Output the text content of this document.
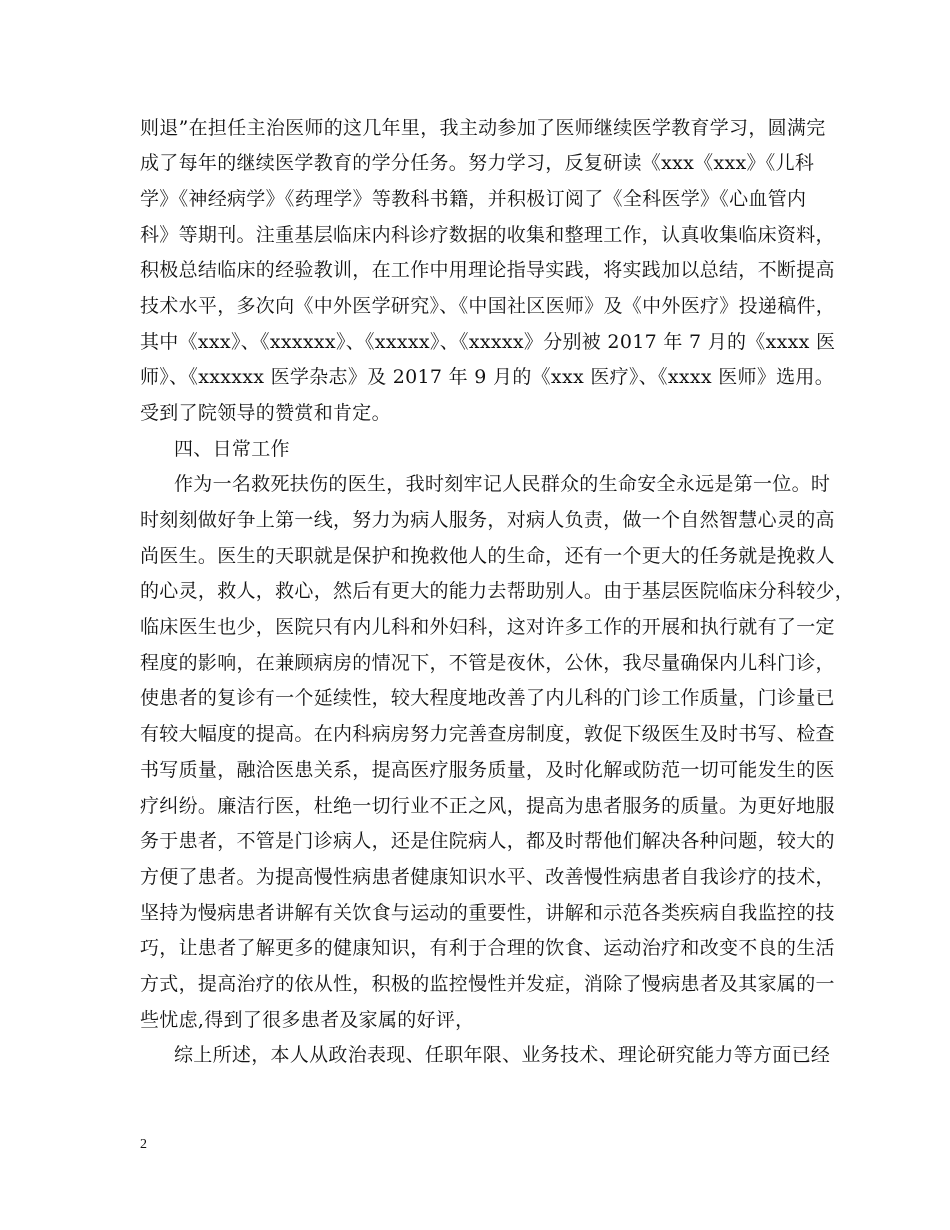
则退”在担任主治医师的这几年里，我主动参加了医师继续医学教育学习，圆满完
成了每年的继续医学教育的学分任务。努力学习，反复研读《xxx《xxx》《儿科
学》《神经病学》《药理学》等教科书籍，并积极订阅了《全科医学》《心血管内
科》等期刊。注重基层临床内科诊疗数据的收集和整理工作，认真收集临床资料，
积极总结临床的经验教训，在工作中用理论指导实践，将实践加以总结，不断提高
技术水平，多次向《中外医学研究》、《中国社区医师》及《中外医疗》投递稿件，
其中《xxx》、《xxxxxx》、《xxxxx》、《xxxxx》分别被 2017 年 7 月的《xxxx 医
师》、《xxxxxx 医学杂志》及 2017 年 9 月的《xxx 医疗》、《xxxx 医师》选用。
受到了院领导的赞赏和肯定。
四、日常工作
作为一名救死扶伤的医生，我时刻牢记人民群众的生命安全永远是第一位。时
时刻刻做好争上第一线，努力为病人服务，对病人负责，做一个自然智慧心灵的高
尚医生。医生的天职就是保护和挽救他人的生命，还有一个更大的任务就是挽救人
的心灵，救人，救心，然后有更大的能力去帮助别人。由于基层医院临床分科较少，
临床医生也少，医院只有内儿科和外妇科，这对许多工作的开展和执行就有了一定
程度的影响，在兼顾病房的情况下，不管是夜休，公休，我尽量确保内儿科门诊，
使患者的复诊有一个延续性，较大程度地改善了内儿科的门诊工作质量，门诊量已
有较大幅度的提高。在内科病房努力完善查房制度，敦促下级医生及时书写、检查
书写质量，融洽医患关系，提高医疗服务质量，及时化解或防范一切可能发生的医
疗纠纷。廉洁行医，杜绝一切行业不正之风，提高为患者服务的质量。为更好地服
务于患者，不管是门诊病人，还是住院病人，都及时帮他们解决各种问题，较大的
方便了患者。为提高慢性病患者健康知识水平、改善慢性病患者自我诊疗的技术，
坚持为慢病患者讲解有关饮食与运动的重要性，讲解和示范各类疾病自我监控的技
巧，让患者了解更多的健康知识，有利于合理的饮食、运动治疗和改变不良的生活
方式，提高治疗的依从性，积极的监控慢性并发症，消除了慢病患者及其家属的一
些忧虑,得到了很多患者及家属的好评，
综上所述，本人从政治表现、任职年限、业务技术、理论研究能力等方面已经
2
